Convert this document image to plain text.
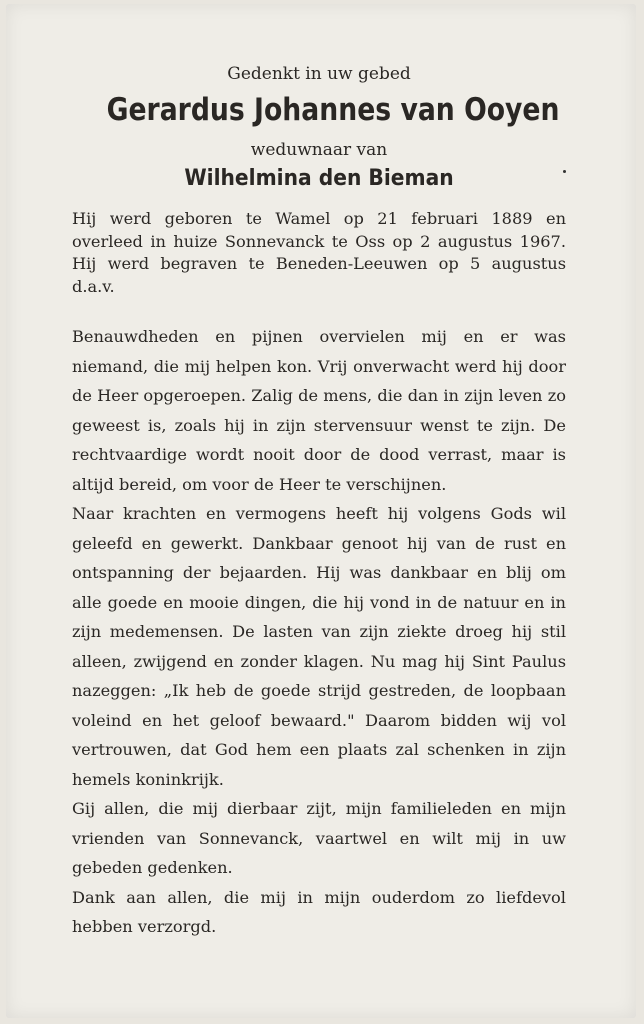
Gedenkt in uw gebed

Gerardus Johannes van Ooyen

weduwnaar van

Wilhelmina den Bieman

Hij werd geboren te Wamel op 21 februari 1889 en overleed in huize Sonnevanck te Oss op 2 augustus 1967. Hij werd begraven te Beneden-Leeuwen op 5 augustus d.a.v.

Benauwdheden en pijnen overvielen mij en er was niemand, die mij helpen kon. Vrij onverwacht werd hij door de Heer opgeroepen. Zalig de mens, die dan in zijn leven zo geweest is, zoals hij in zijn stervensuur wenst te zijn. De rechtvaardige wordt nooit door de dood verrast, maar is altijd bereid, om voor de Heer te verschijnen.

Naar krachten en vermogens heeft hij volgens Gods wil geleefd en gewerkt. Dankbaar genoot hij van de rust en ontspanning der bejaarden. Hij was dankbaar en blij om alle goede en mooie dingen, die hij vond in de natuur en in zijn medemensen. De lasten van zijn ziekte droeg hij stil alleen, zwijgend en zonder klagen. Nu mag hij Sint Paulus nazeggen: „Ik heb de goede strijd gestreden, de loopbaan voleind en het geloof bewaard." Daarom bidden wij vol vertrouwen, dat God hem een plaats zal schenken in zijn hemels koninkrijk.

Gij allen, die mij dierbaar zijt, mijn familieleden en mijn vrienden van Sonnevanck, vaartwel en wilt mij in uw gebeden gedenken.

Dank aan allen, die mij in mijn ouderdom zo liefdevol hebben verzorgd.
